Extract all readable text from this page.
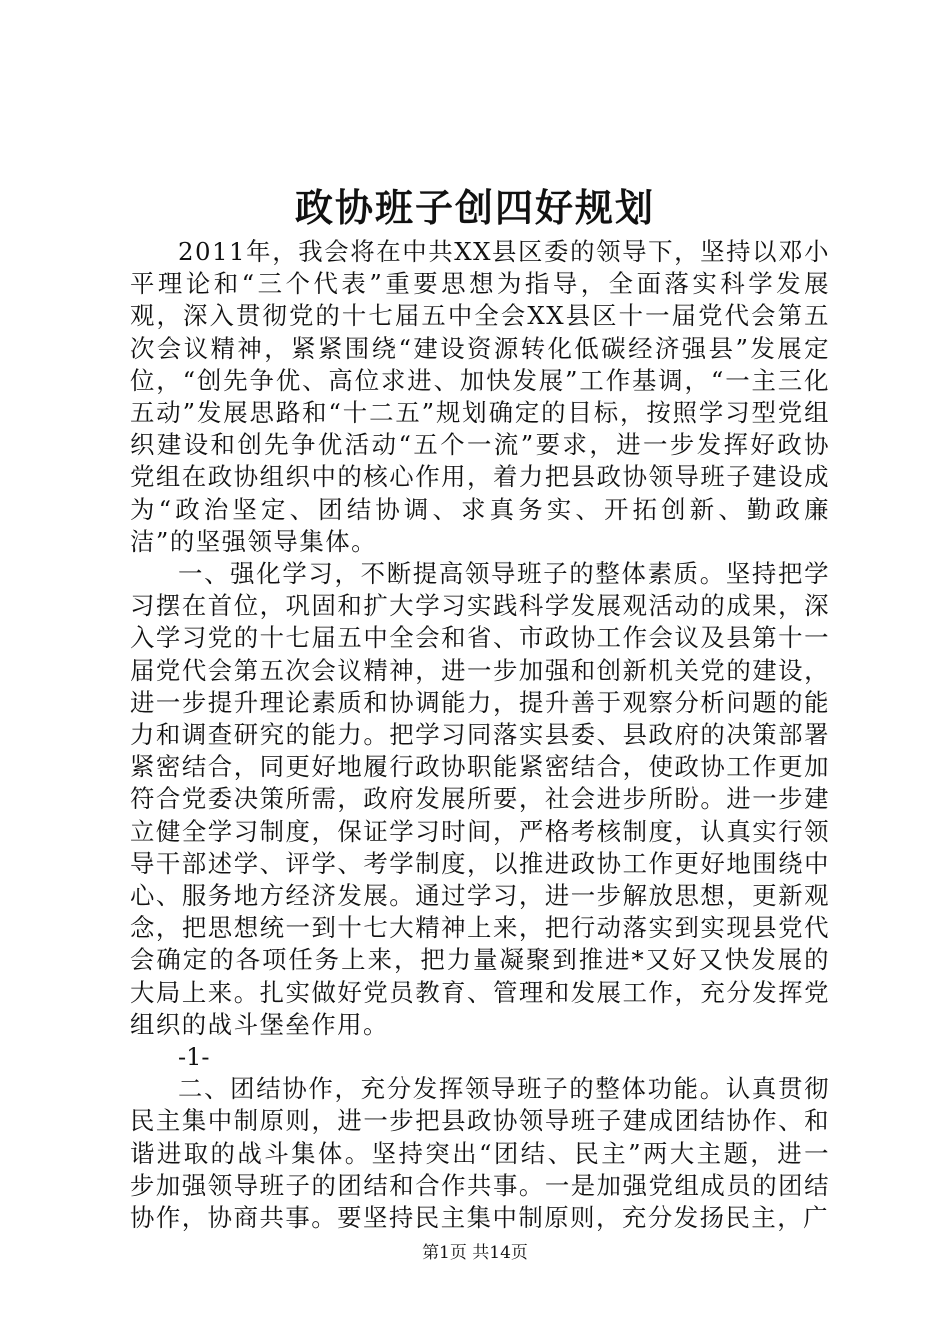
政协班子创四好规划

2011年，我会将在中共XX县区委的领导下，坚持以邓小平理论和“三个代表”重要思想为指导，全面落实科学发展观，深入贯彻党的十七届五中全会XX县区十一届党代会第五次会议精神，紧紧围绕“建设资源转化低碳经济强县”发展定位，“创先争优、高位求进、加快发展”工作基调，“一主三化五动”发展思路和“十二五”规划确定的目标，按照学习型党组织建设和创先争优活动“五个一流”要求，进一步发挥好政协党组在政协组织中的核心作用，着力把县政协领导班子建设成为“政治坚定、团结协调、求真务实、开拓创新、勤政廉洁”的坚强领导集体。

一、强化学习，不断提高领导班子的整体素质。坚持把学习摆在首位，巩固和扩大学习实践科学发展观活动的成果，深入学习党的十七届五中全会和省、市政协工作会议及县第十一届党代会第五次会议精神，进一步加强和创新机关党的建设，进一步提升理论素质和协调能力，提升善于观察分析问题的能力和调查研究的能力。把学习同落实县委、县政府的决策部署紧密结合，同更好地履行政协职能紧密结合，使政协工作更加符合党委决策所需，政府发展所要，社会进步所盼。进一步建立健全学习制度，保证学习时间，严格考核制度，认真实行领导干部述学、评学、考学制度，以推进政协工作更好地围绕中心、服务地方经济发展。通过学习，进一步解放思想，更新观念，把思想统一到十七大精神上来，把行动落实到实现县党代会确定的各项任务上来，把力量凝聚到推进*又好又快发展的大局上来。扎实做好党员教育、管理和发展工作，充分发挥党组织的战斗堡垒作用。

-1-

二、团结协作，充分发挥领导班子的整体功能。认真贯彻民主集中制原则，进一步把县政协领导班子建成团结协作、和谐进取的战斗集体。坚持突出“团结、民主”两大主题，进一步加强领导班子的团结和合作共事。一是加强党组成员的团结协作，协商共事。要坚持民主集中制原则，充分发扬民主，广

第1页 共14页
